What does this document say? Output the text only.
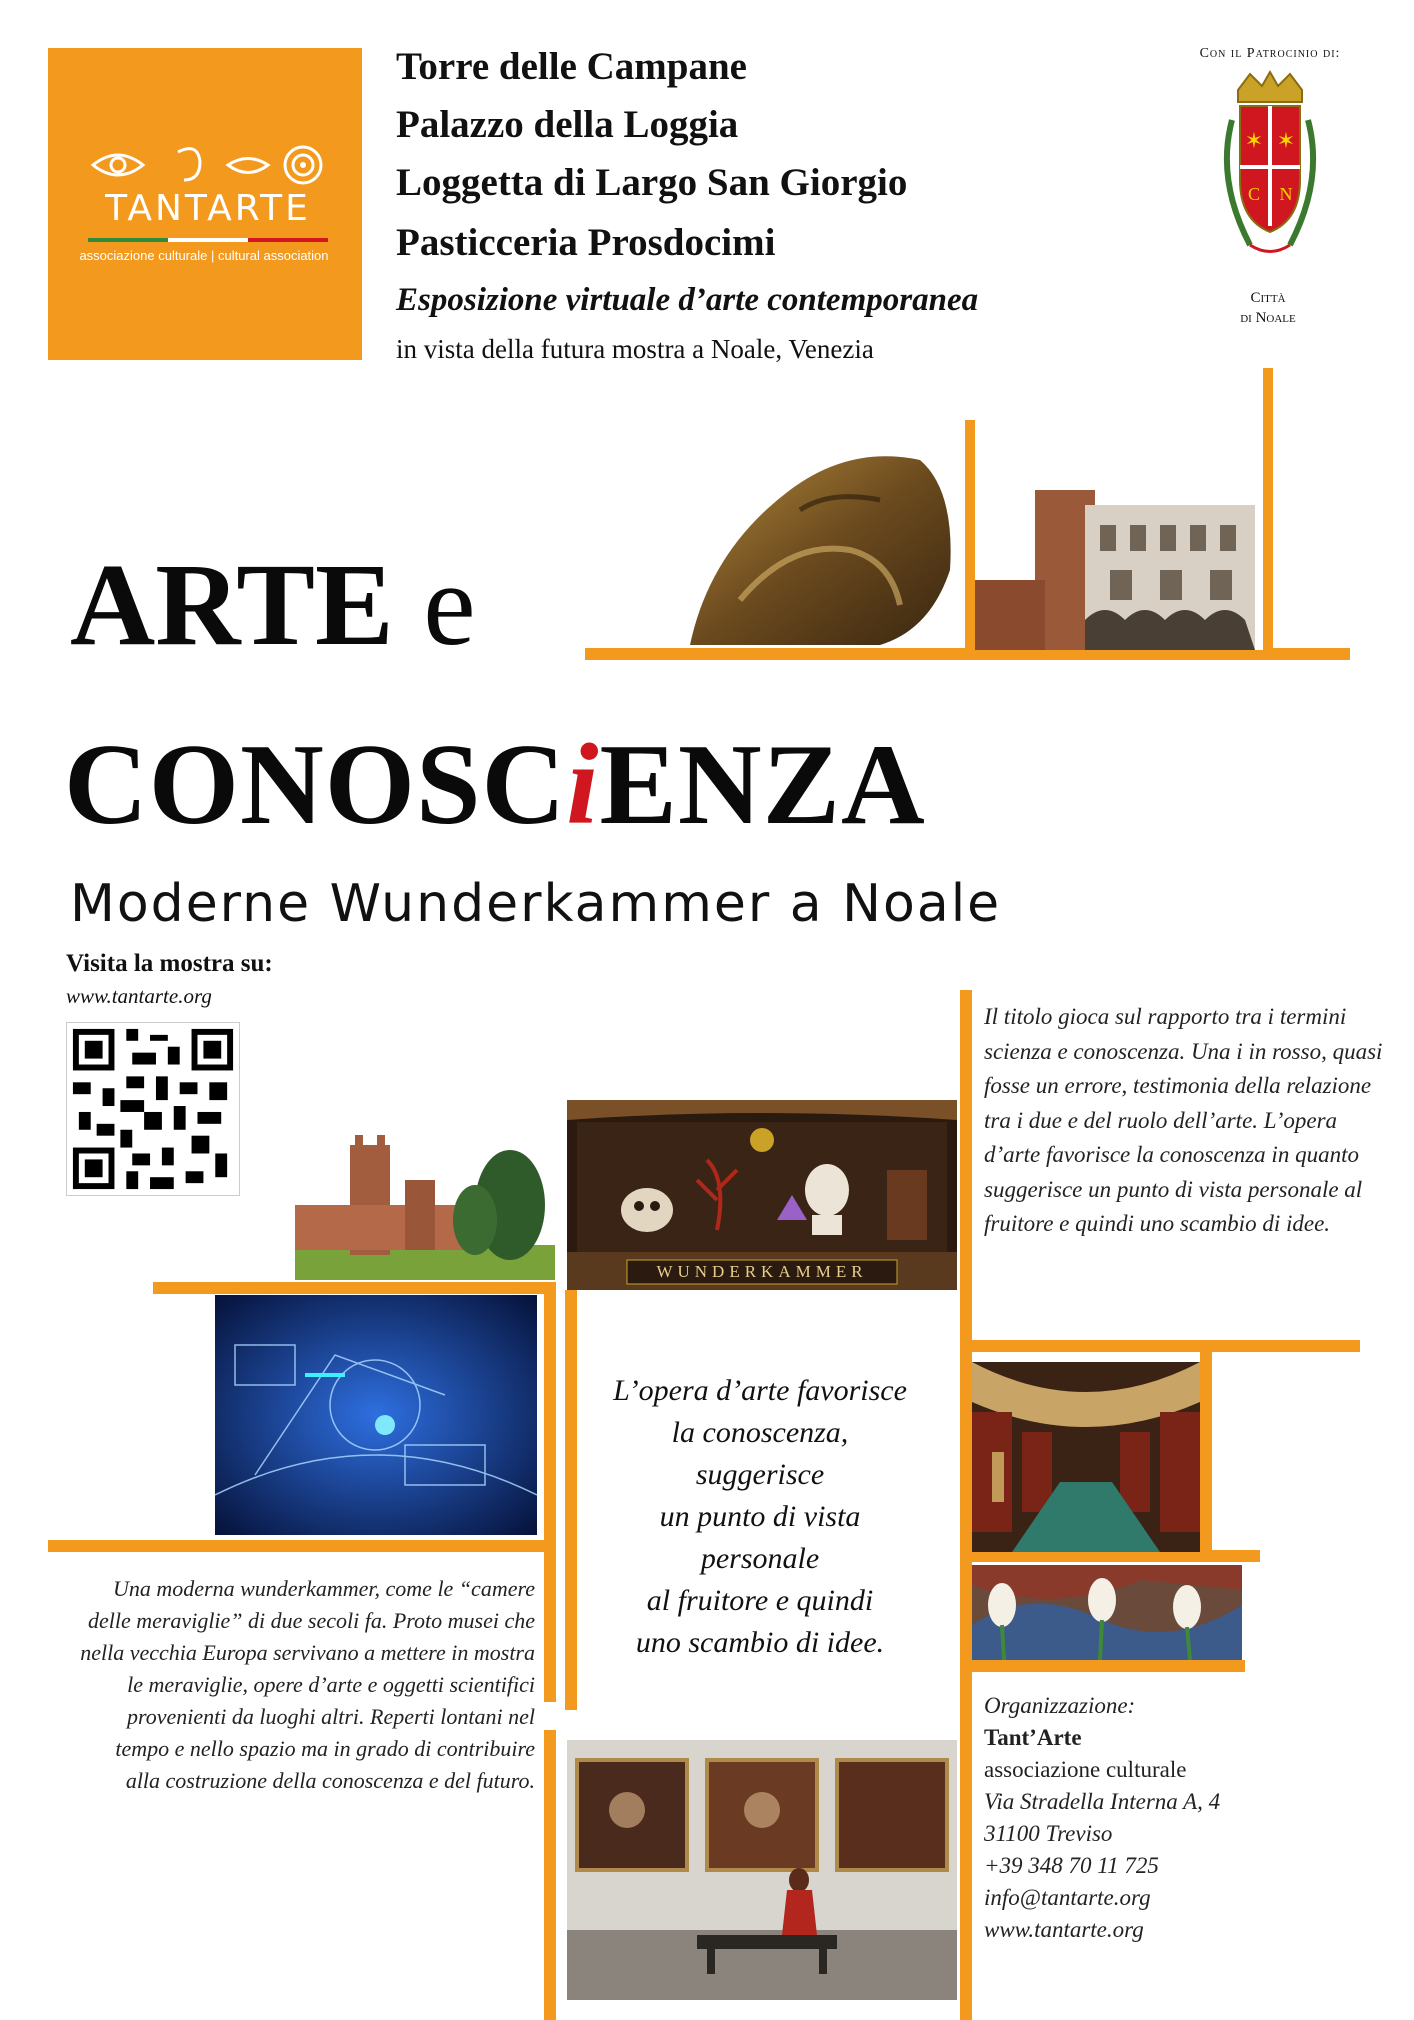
TANTARTE
associazione culturale | cultural association
Torre delle Campane
Palazzo della Loggia
Loggetta di Largo San Giorgio
Pasticceria Prosdocimi
Esposizione virtuale d’arte contemporanea
in vista della futura mostra a Noale, Venezia
Con il Patrocinio di:
✶ ✶
C N
Città
di Noale
ARTE e
CONOSCiENZA
Moderne Wunderkammer a Noale
Visita la mostra su:
www.tantarte.org
WUNDERKAMMER
Il titolo gioca sul rapporto tra i termini scienza e conoscenza. Una i in rosso, quasi fosse un errore, testimonia della relazione tra i due e del ruolo dell’arte. L’opera d’arte favorisce la conoscenza in quanto suggerisce un punto di vista personale al fruitore e quindi uno scambio di idee.
L’opera d’arte favorisce
la conoscenza,
suggerisce
un punto di vista
personale
al fruitore e quindi
uno scambio di idee.
Una moderna wunderkammer, come le “camere delle meraviglie” di due secoli fa. Proto musei che nella vecchia Europa servivano a mettere in mostra le meraviglie, opere d’arte e oggetti scientifici provenienti da luoghi altri. Reperti lontani nel tempo e nello spazio ma in grado di contribuire alla costruzione della conoscenza e del futuro.
Organizzazione:
Tant’Arte
associazione culturale
Via Stradella Interna A, 4
31100 Treviso
+39 348 70 11 725
info@tantarte.org
www.tantarte.org
